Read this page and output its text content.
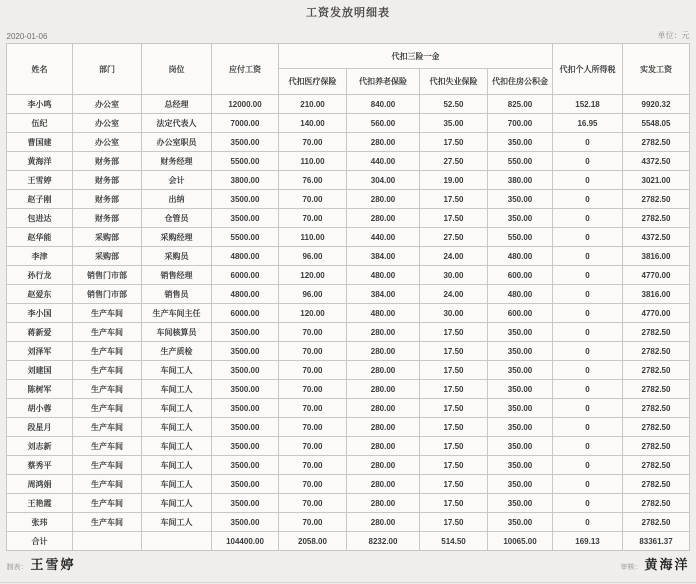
工资发放明细表
2020-01-06	单位：元
姓名	部门	岗位	应付工资	代扣三险一金				代扣个人所得税	实发工资
				代扣医疗保险	代扣养老保险	代扣失业保险	代扣住房公积金		
李小鸣	办公室	总经理	12000.00	210.00	840.00	52.50	825.00	152.18	9920.32
伍纪	办公室	法定代表人	7000.00	140.00	560.00	35.00	700.00	16.95	5548.05
曹国建	办公室	办公室职员	3500.00	70.00	280.00	17.50	350.00	0	2782.50
黄海洋	财务部	财务经理	5500.00	110.00	440.00	27.50	550.00	0	4372.50
王雪婷	财务部	会计	3800.00	76.00	304.00	19.00	380.00	0	3021.00
赵子刚	财务部	出纳	3500.00	70.00	280.00	17.50	350.00	0	2782.50
包进达	财务部	仓管员	3500.00	70.00	280.00	17.50	350.00	0	2782.50
赵华能	采购部	采购经理	5500.00	110.00	440.00	27.50	550.00	0	4372.50
李津	采购部	采购员	4800.00	96.00	384.00	24.00	480.00	0	3816.00
孙行龙	销售门市部	销售经理	6000.00	120.00	480.00	30.00	600.00	0	4770.00
赵爱东	销售门市部	销售员	4800.00	96.00	384.00	24.00	480.00	0	3816.00
李小国	生产车间	生产车间主任	6000.00	120.00	480.00	30.00	600.00	0	4770.00
蒋新爱	生产车间	车间核算员	3500.00	70.00	280.00	17.50	350.00	0	2782.50
刘泽军	生产车间	生产质检	3500.00	70.00	280.00	17.50	350.00	0	2782.50
刘建国	生产车间	车间工人	3500.00	70.00	280.00	17.50	350.00	0	2782.50
陈树军	生产车间	车间工人	3500.00	70.00	280.00	17.50	350.00	0	2782.50
胡小蓉	生产车间	车间工人	3500.00	70.00	280.00	17.50	350.00	0	2782.50
段星月	生产车间	车间工人	3500.00	70.00	280.00	17.50	350.00	0	2782.50
刘志新	生产车间	车间工人	3500.00	70.00	280.00	17.50	350.00	0	2782.50
蔡秀平	生产车间	车间工人	3500.00	70.00	280.00	17.50	350.00	0	2782.50
周鸿娟	生产车间	车间工人	3500.00	70.00	280.00	17.50	350.00	0	2782.50
王艳霞	生产车间	车间工人	3500.00	70.00	280.00	17.50	350.00	0	2782.50
张玮	生产车间	车间工人	3500.00	70.00	280.00	17.50	350.00	0	2782.50
合计			104400.00	2058.00	8232.00	514.50	10065.00	169.13	83361.37
制表： 王雪婷	审核： 黄海洋
